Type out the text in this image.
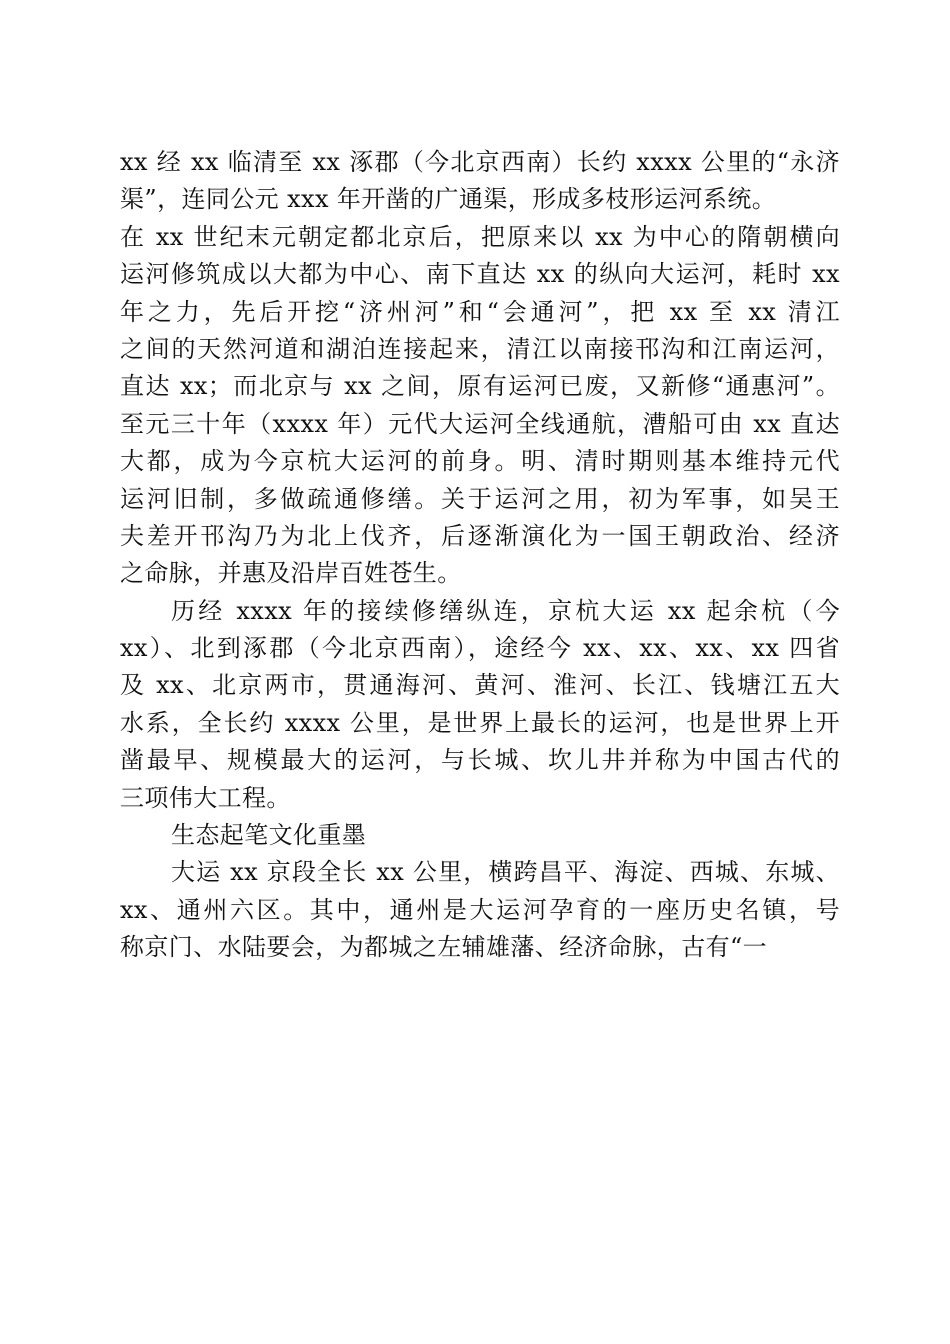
xx 经 xx 临清至 xx 涿郡（今北京西南）长约 xxxx 公里的“永济
渠”，连同公元 xxx 年开凿的广通渠，形成多枝形运河系统。
在 xx 世纪末元朝定都北京后，把原来以 xx 为中心的隋朝横向
运河修筑成以大都为中心、南下直达 xx 的纵向大运河，耗时 xx
年之力，先后开挖“济州河”和“会通河”，把 xx 至 xx 清江
之间的天然河道和湖泊连接起来，清江以南接邗沟和江南运河，
直达 xx；而北京与 xx 之间，原有运河已废，又新修“通惠河”。
至元三十年（xxxx 年）元代大运河全线通航，漕船可由 xx 直达
大都，成为今京杭大运河的前身。明、清时期则基本维持元代
运河旧制，多做疏通修缮。关于运河之用，初为军事，如吴王
夫差开邗沟乃为北上伐齐，后逐渐演化为一国王朝政治、经济
之命脉，并惠及沿岸百姓苍生。
历经 xxxx 年的接续修缮纵连，京杭大运 xx 起余杭（今
xx）、北到涿郡（今北京西南），途经今 xx、xx、xx、xx 四省
及 xx、北京两市，贯通海河、黄河、淮河、长江、钱塘江五大
水系，全长约 xxxx 公里，是世界上最长的运河，也是世界上开
凿最早、规模最大的运河，与长城、坎儿井并称为中国古代的
三项伟大工程。
生态起笔文化重墨
大运 xx 京段全长 xx 公里，横跨昌平、海淀、西城、东城、
xx、通州六区。其中，通州是大运河孕育的一座历史名镇，号
称京门、水陆要会，为都城之左辅雄藩、经济命脉，古有“一
